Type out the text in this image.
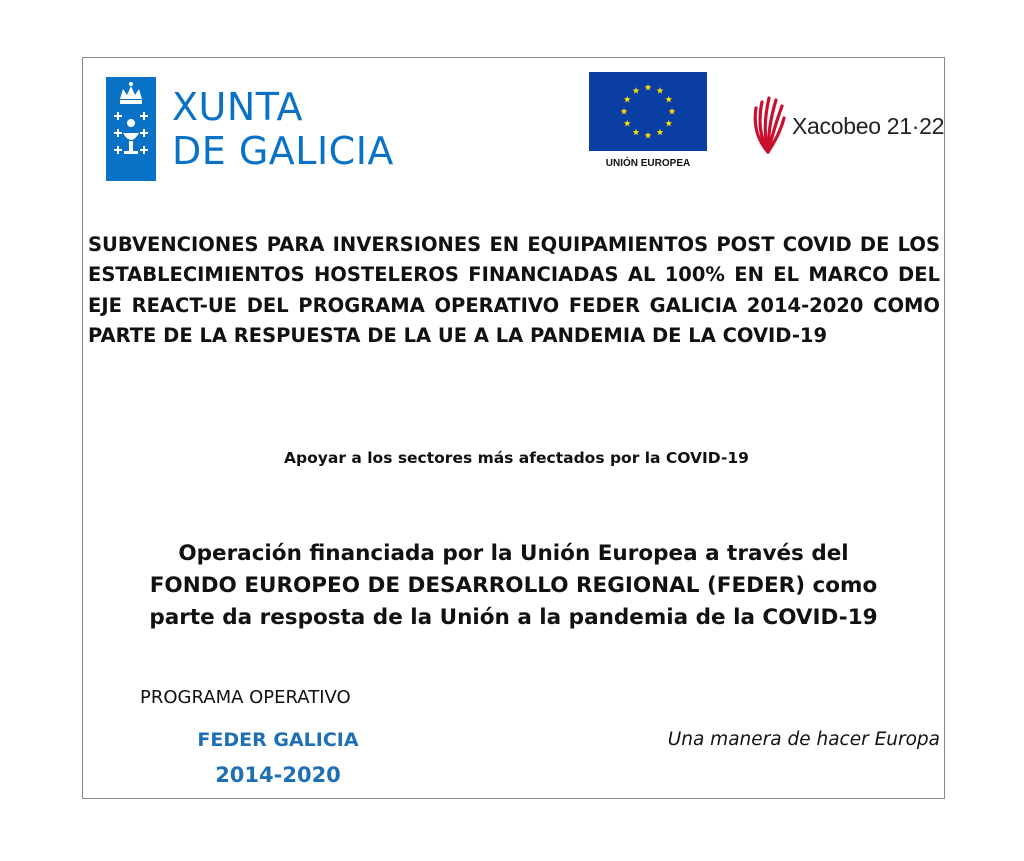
XUNTA
DE GALICIA	UNIÓN EUROPEA
Xacobeo 21·22
SUBVENCIONES PARA INVERSIONES EN EQUIPAMIENTOS POST COVID DE LOS ESTABLECIMIENTOS HOSTELEROS FINANCIADAS AL 100% EN EL MARCO DEL EJE REACT-UE DEL PROGRAMA OPERATIVO FEDER GALICIA 2014-2020 COMO PARTE DE LA RESPUESTA DE LA UE A LA PANDEMIA DE LA COVID-19
Apoyar a los sectores más afectados por la COVID-19
Operación financiada por la Unión Europea a través del
FONDO EUROPEO DE DESARROLLO REGIONAL (FEDER) como
parte da resposta de la Unión a la pandemia de la COVID-19
PROGRAMA OPERATIVO
FEDER GALICIA
2014-2020
Una manera de hacer Europa
